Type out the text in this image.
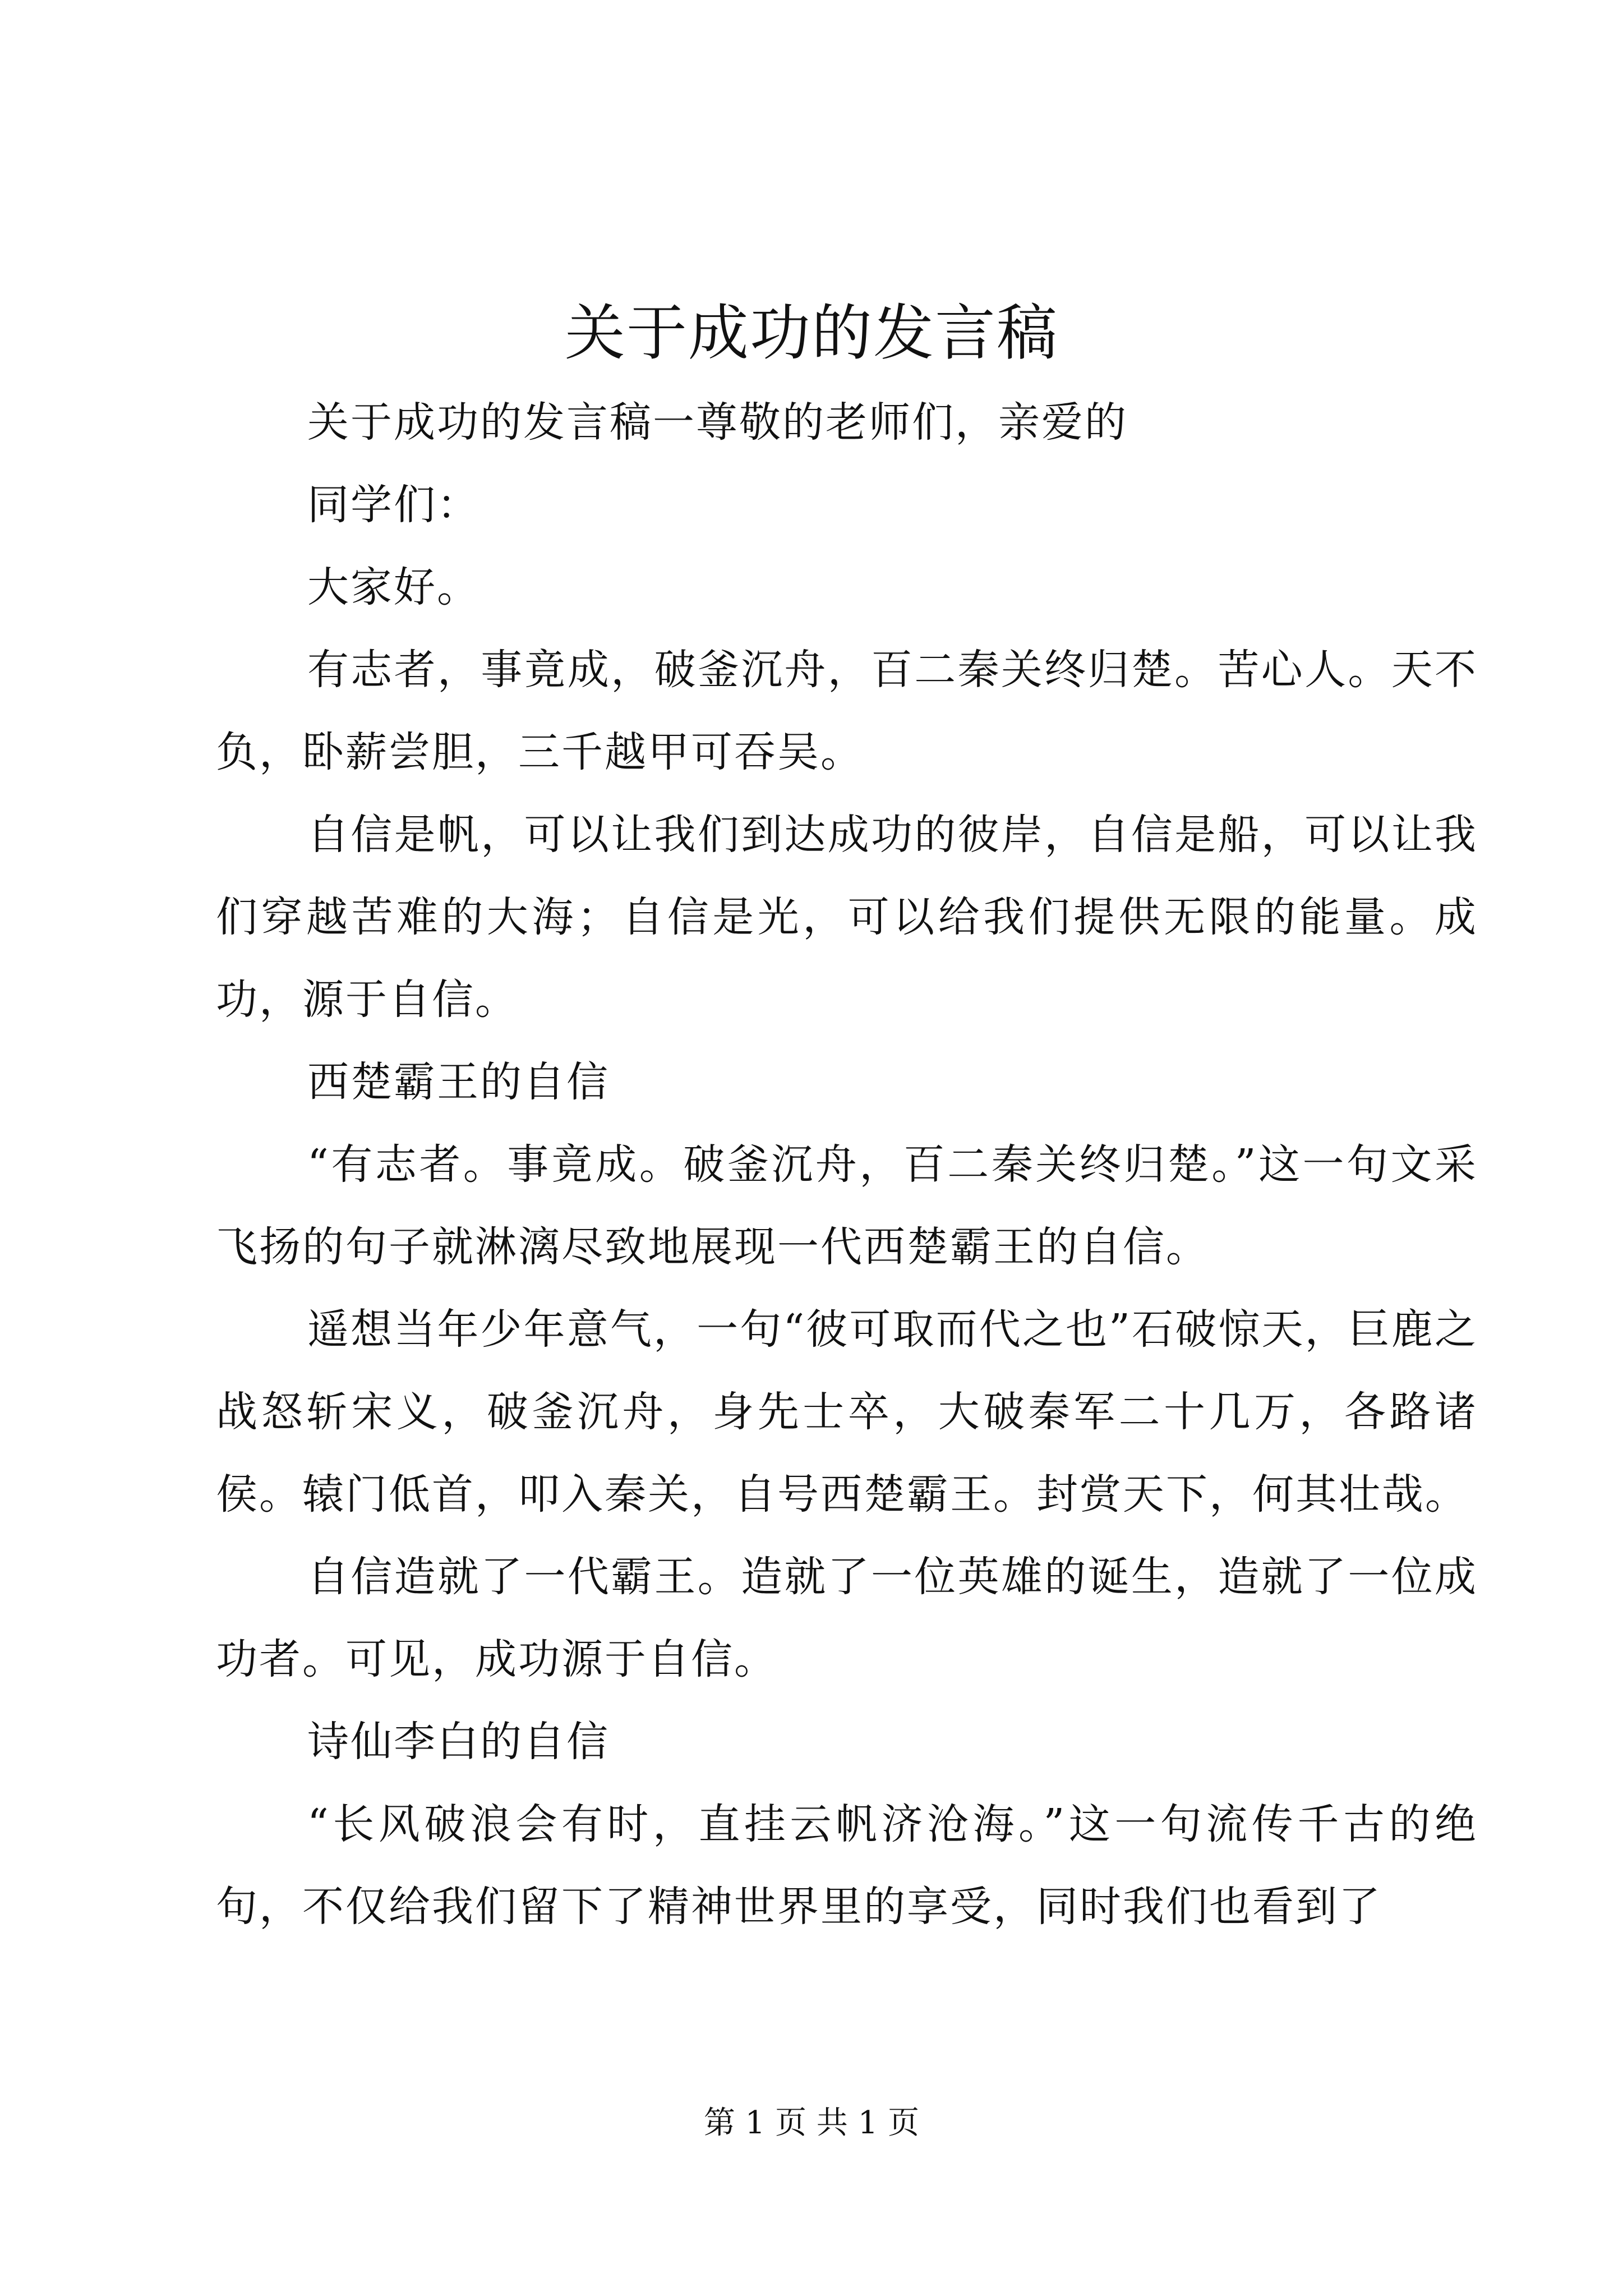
关于成功的发言稿

关于成功的发言稿一尊敬的老师们，亲爱的

同学们：

大家好。

有志者，事竟成，破釜沉舟，百二秦关终归楚。苦心人。天不负，卧薪尝胆，三千越甲可吞吴。

自信是帆，可以让我们到达成功的彼岸，自信是船，可以让我们穿越苦难的大海；自信是光，可以给我们提供无限的能量。成功，源于自信。

西楚霸王的自信

“有志者。事竟成。破釜沉舟，百二秦关终归楚。”这一句文采飞扬的句子就淋漓尽致地展现一代西楚霸王的自信。

遥想当年少年意气，一句“彼可取而代之也”石破惊天，巨鹿之战怒斩宋义，破釜沉舟，身先士卒，大破秦军二十几万，各路诸侯。辕门低首，叩入秦关，自号西楚霸王。封赏天下，何其壮哉。

自信造就了一代霸王。造就了一位英雄的诞生，造就了一位成功者。可见，成功源于自信。

诗仙李白的自信

“长风破浪会有时，直挂云帆济沧海。”这一句流传千古的绝句，不仅给我们留下了精神世界里的享受，同时我们也看到了

第 1 页 共 1 页
